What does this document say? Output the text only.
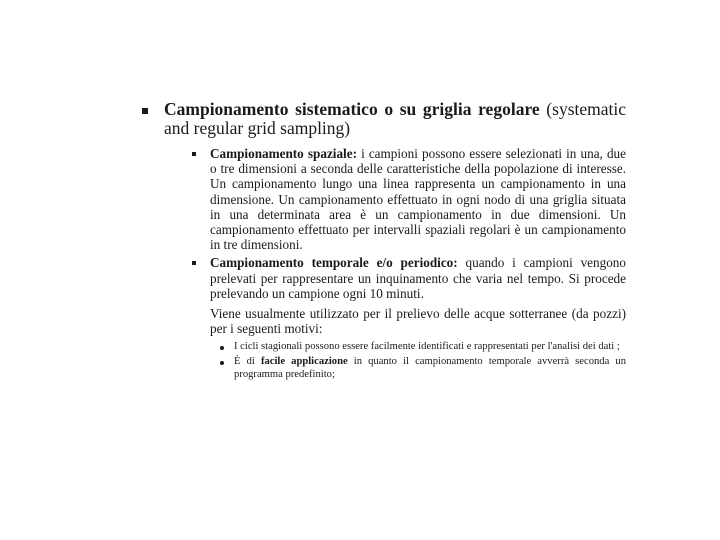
Campionamento sistematico o su griglia regolare (systematic and regular grid sampling)
Campionamento spaziale: i campioni possono essere selezionati in una, due o tre dimensioni a seconda delle caratteristiche della popolazione di interesse. Un campionamento lungo una linea rappresenta un campionamento in una dimensione. Un campionamento effettuato in ogni nodo di una griglia situata in una determinata area è un campionamento in due dimensioni. Un campionamento effettuato per intervalli spaziali regolari è un campionamento in tre dimensioni.
Campionamento temporale e/o periodico: quando i campioni vengono prelevati per rappresentare un inquinamento che varia nel tempo. Si procede prelevando un campione ogni 10 minuti.
Viene usualmente utilizzato per il prelievo delle acque sotterranee (da pozzi) per i seguenti motivi:
I cicli stagionali possono essere facilmente identificati e rappresentati per l'analisi dei dati ;
È di facile applicazione in quanto il campionamento temporale avverrà seconda un programma predefinito;
